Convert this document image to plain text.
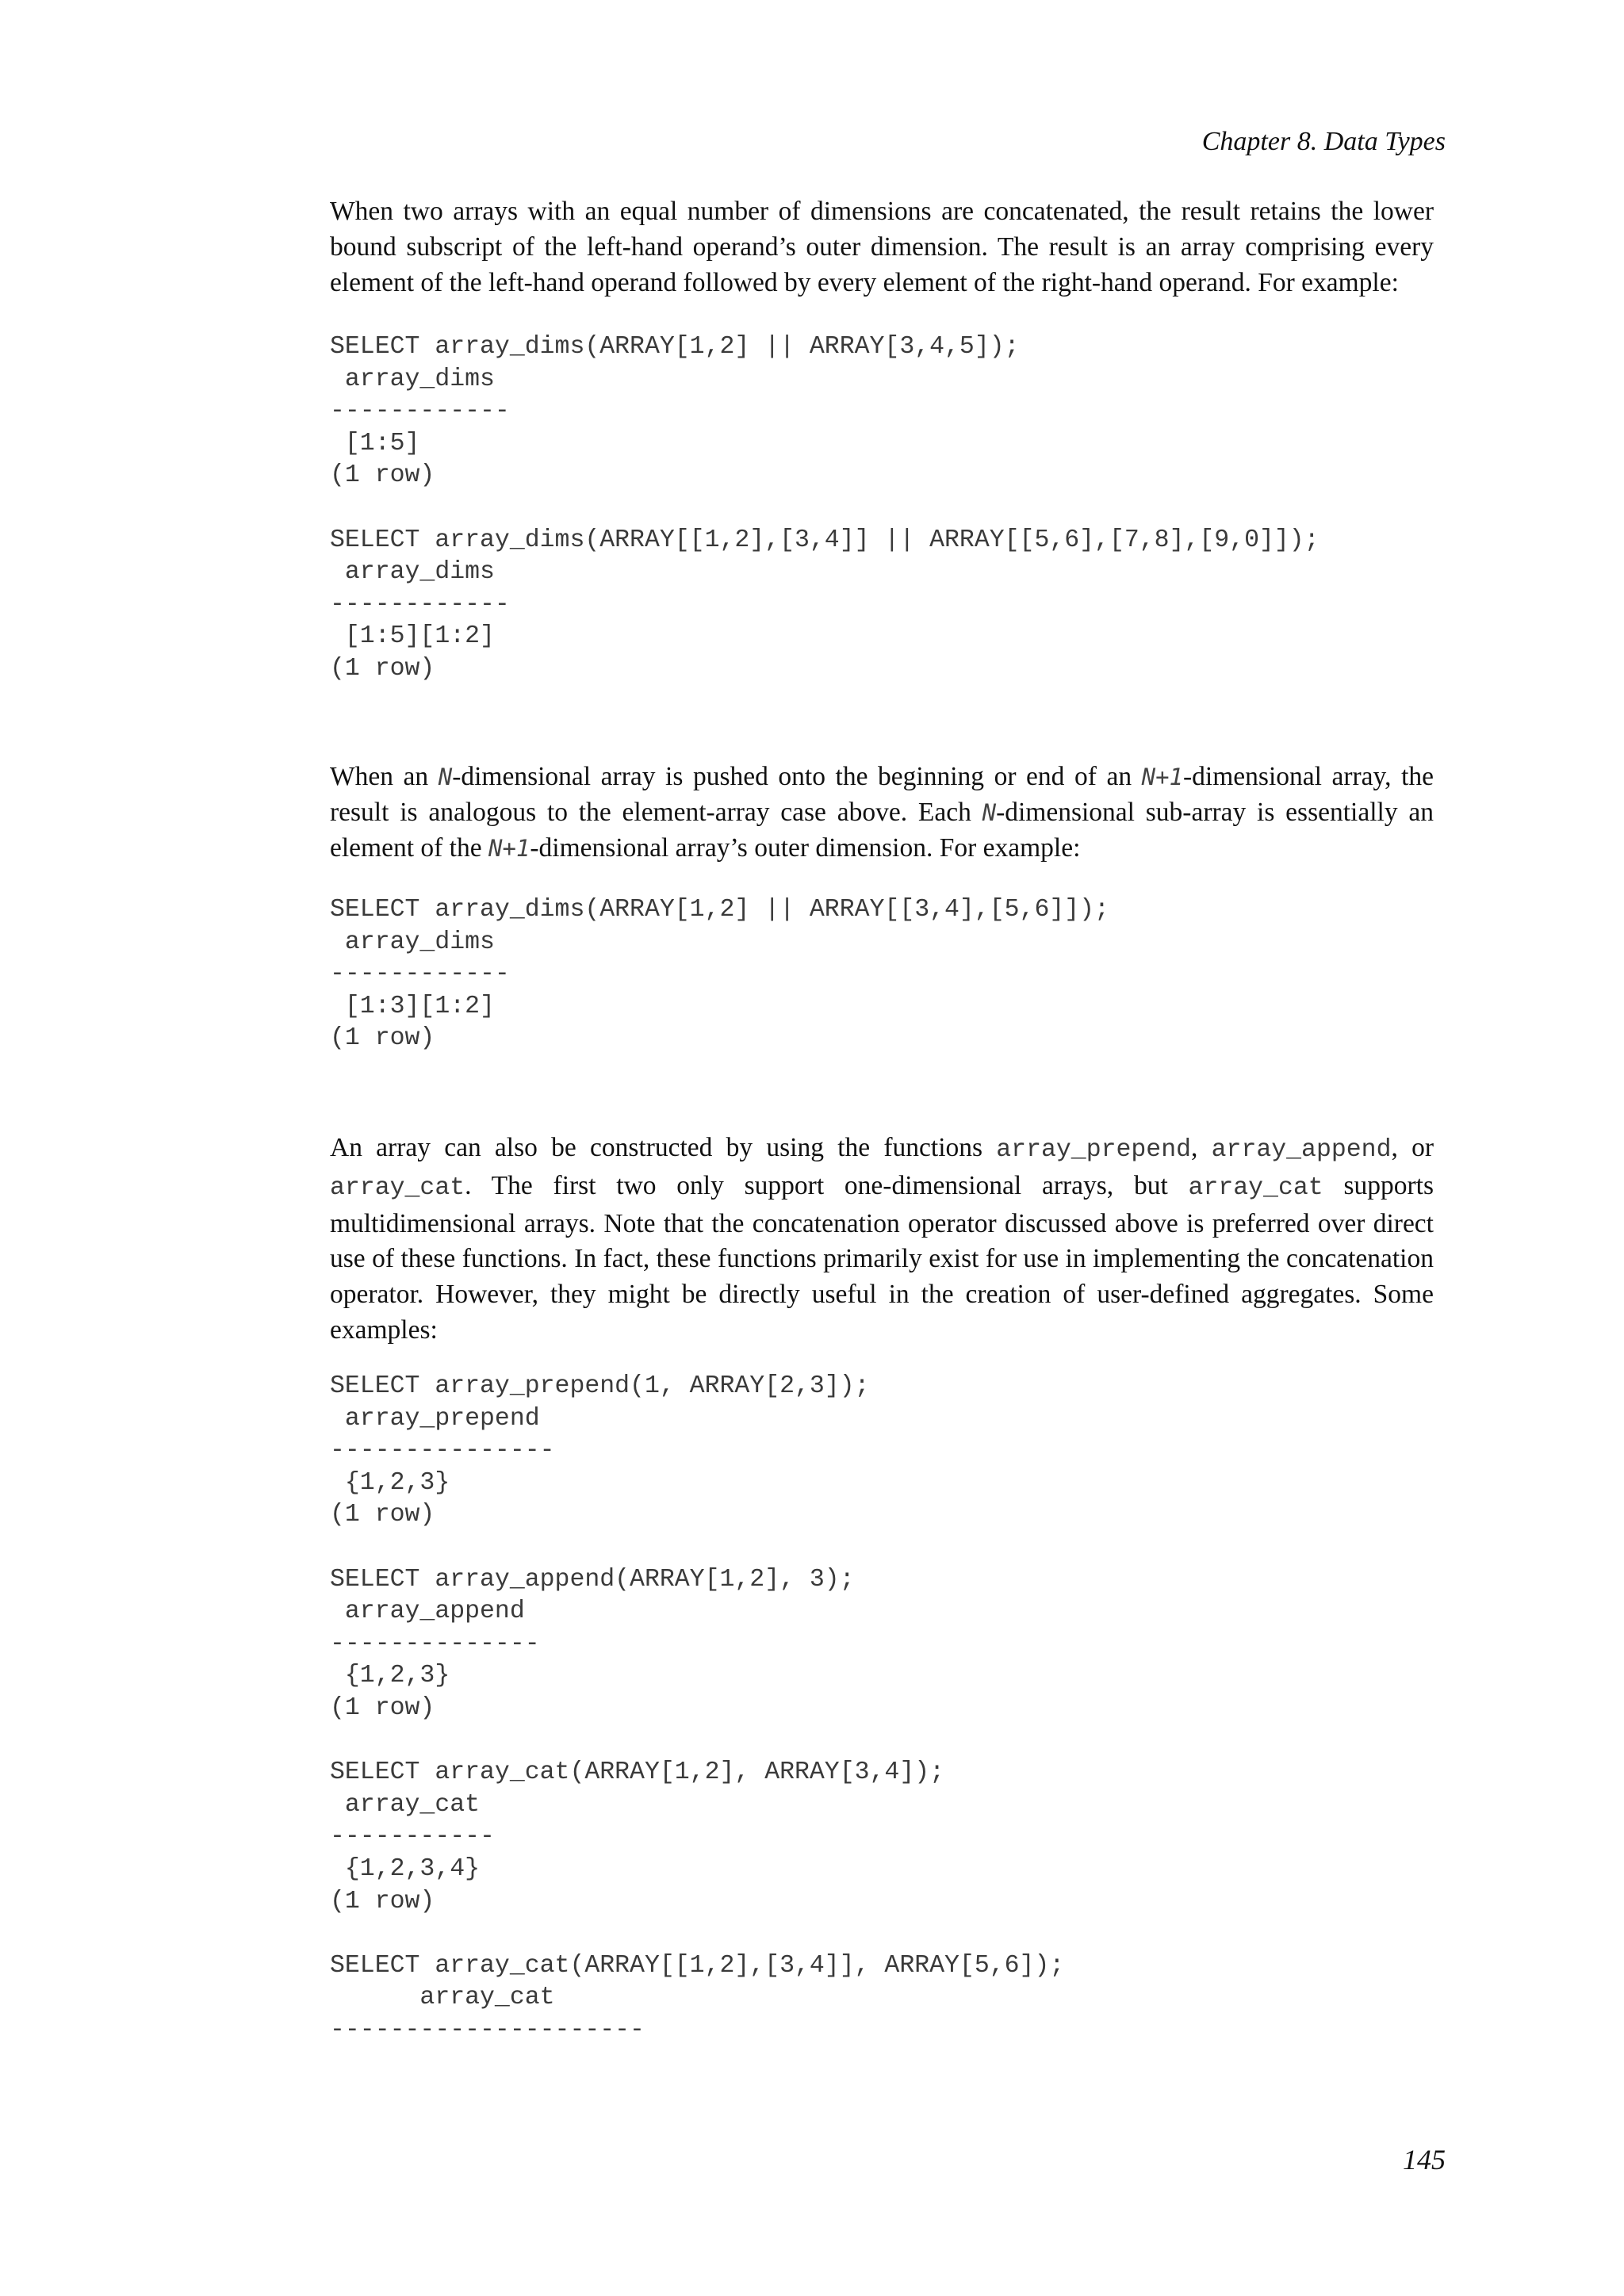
Chapter 8. Data Types

When two arrays with an equal number of dimensions are concatenated, the result retains the lower bound subscript of the left-hand operand’s outer dimension. The result is an array comprising every element of the left-hand operand followed by every element of the right-hand operand. For example:

SELECT array_dims(ARRAY[1,2] || ARRAY[3,4,5]);
array_dims
------------
[1:5]
(1 row)

SELECT array_dims(ARRAY[[1,2],[3,4]] || ARRAY[[5,6],[7,8],[9,0]]);
array_dims
------------
[1:5][1:2]
(1 row)

When an N-dimensional array is pushed onto the beginning or end of an N+1-dimensional array, the result is analogous to the element-array case above. Each N-dimensional sub-array is essentially an element of the N+1-dimensional array’s outer dimension. For example:

SELECT array_dims(ARRAY[1,2] || ARRAY[[3,4],[5,6]]);
array_dims
------------
[1:3][1:2]
(1 row)

An array can also be constructed by using the functions array_prepend, array_append, or array_cat. The first two only support one-dimensional arrays, but array_cat supports multidimensional arrays. Note that the concatenation operator discussed above is preferred over direct use of these functions. In fact, these functions primarily exist for use in implementing the concatenation operator. However, they might be directly useful in the creation of user-defined aggregates. Some examples:

SELECT array_prepend(1, ARRAY[2,3]);
array_prepend
---------------
{1,2,3}
(1 row)

SELECT array_append(ARRAY[1,2], 3);
array_append
--------------
{1,2,3}
(1 row)

SELECT array_cat(ARRAY[1,2], ARRAY[3,4]);
array_cat
-----------
{1,2,3,4}
(1 row)

SELECT array_cat(ARRAY[[1,2],[3,4]], ARRAY[5,6]);
array_cat
---------------------
145
